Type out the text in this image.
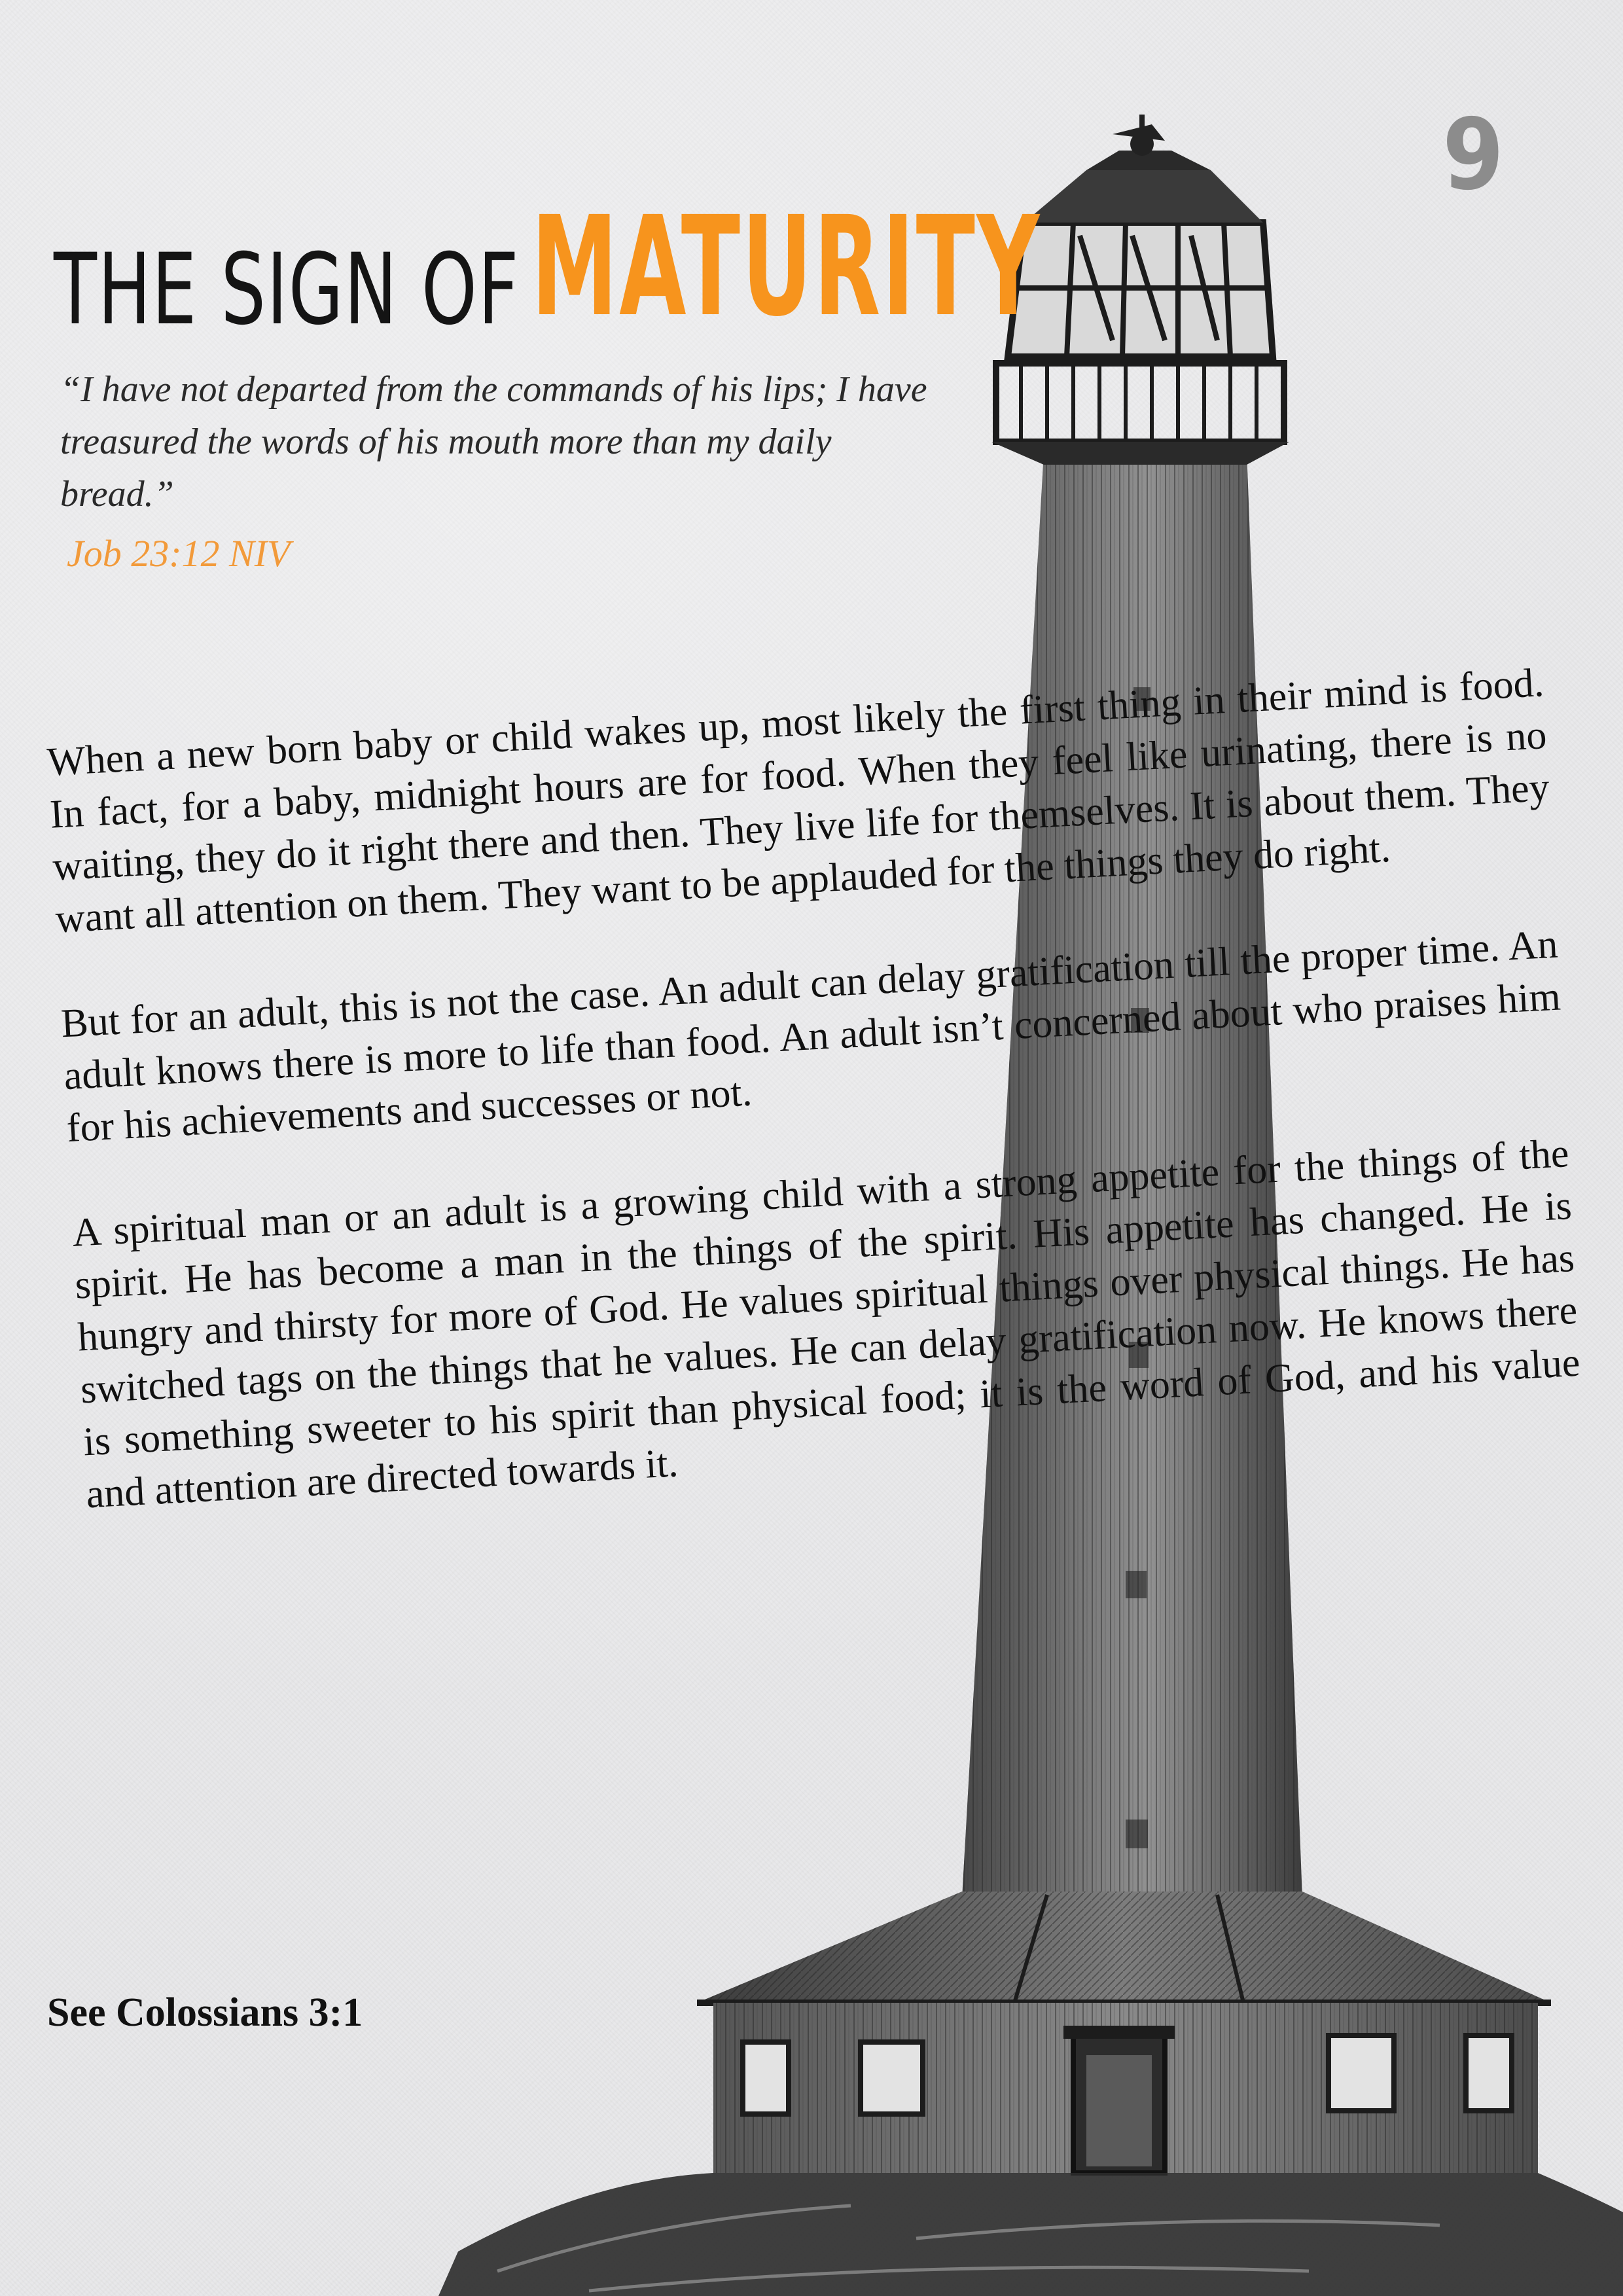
9
THE SIGN OFMATURITY
“I have not departed from the commands of his lips; I have treasured the words of his mouth more than my daily bread.”
Job 23:12 NIV

When a new born baby or child wakes up, most likely the first thing in their mind is food. In fact, for a baby, midnight hours are for food. When they feel like urinating, there is no waiting, they do it right there and then. They live life for themselves. It is about them. They want all attention on them. They want to be applauded for the things they do right.

But for an adult, this is not the case. An adult can delay gratification till the proper time. An adult knows there is more to life than food. An adult isn’t concerned about who praises him for his achievements and successes or not.

A spiritual man or an adult is a growing child with a strong appetite for the things of the spirit. He has become a man in the things of the spirit. His appetite has changed. He is hungry and thirsty for more of God. He values spiritual things over physical things. He has switched tags on the things that he values. He can delay gratification now. He knows there is something sweeter to his spirit than physical food; it is the word of God, and his value and attention are directed towards it.

See Colossians 3:1
